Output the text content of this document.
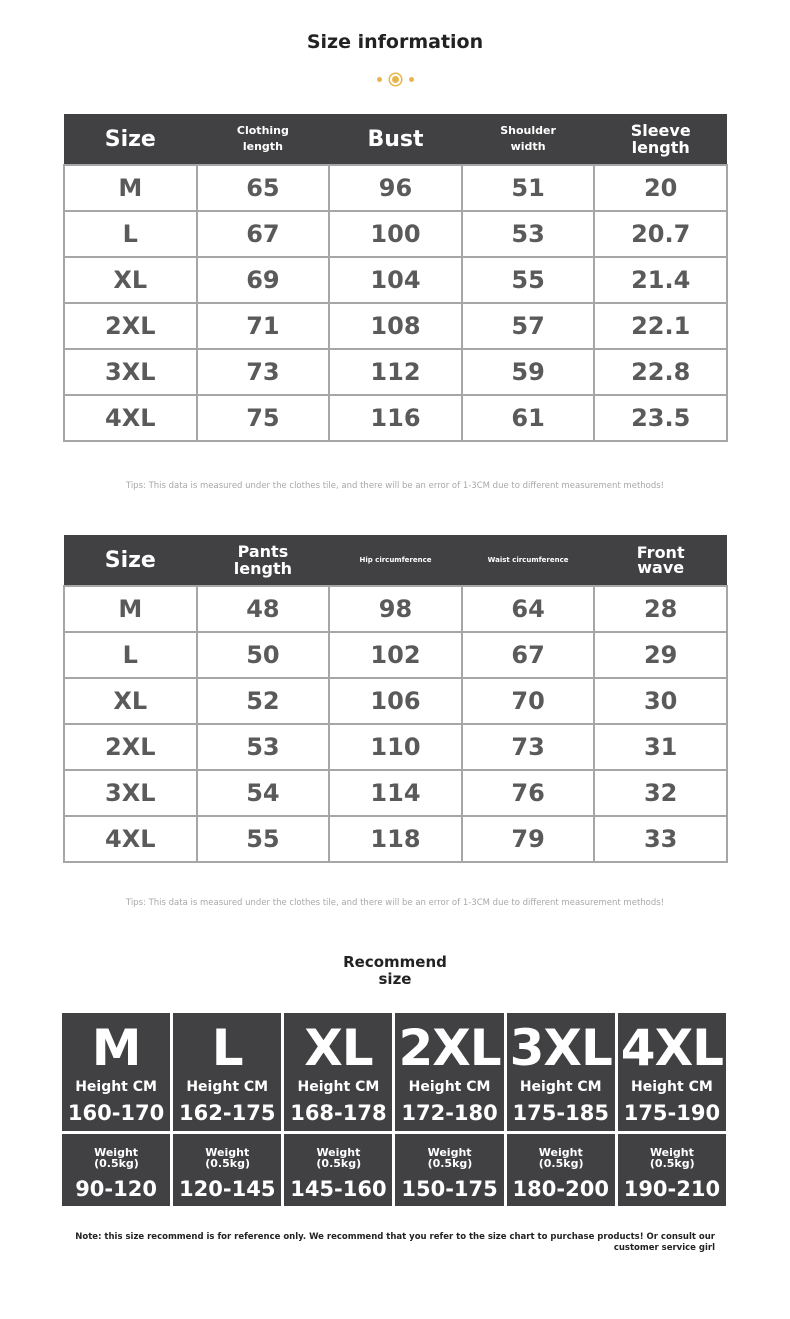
Size information
Size	Clothing length	Bust	Shoulder width	Sleeve length

M	65	96	51	20
L	67	100	53	20.7
XL	69	104	55	21.4
2XL	71	108	57	22.1
3XL	73	112	59	22.8
4XL	75	116	61	23.5
Tips: This data is measured under the clothes tile, and there will be an error of 1-3CM due to different measurement methods!
Size	Pants length	Hip circumference	Waist circumference	Front wave

M	48	98	64	28
L	50	102	67	29
XL	52	106	70	30
2XL	53	110	73	31
3XL	54	114	76	32
4XL	55	118	79	33
Tips: This data is measured under the clothes tile, and there will be an error of 1-3CM due to different measurement methods!
Recommend size
M
Height CM
160-170
Weight (0.5kg)
90-120
L
Height CM
162-175
Weight (0.5kg)
120-145
XL
Height CM
168-178
Weight (0.5kg)
145-160
2XL
Height CM
172-180
Weight (0.5kg)
150-175
3XL
Height CM
175-185
Weight (0.5kg)
180-200
4XL
Height CM
175-190
Weight (0.5kg)
190-210
Note: this size recommend is for reference only. We recommend that you refer to the size chart to purchase products! Or consult our customer service girl
